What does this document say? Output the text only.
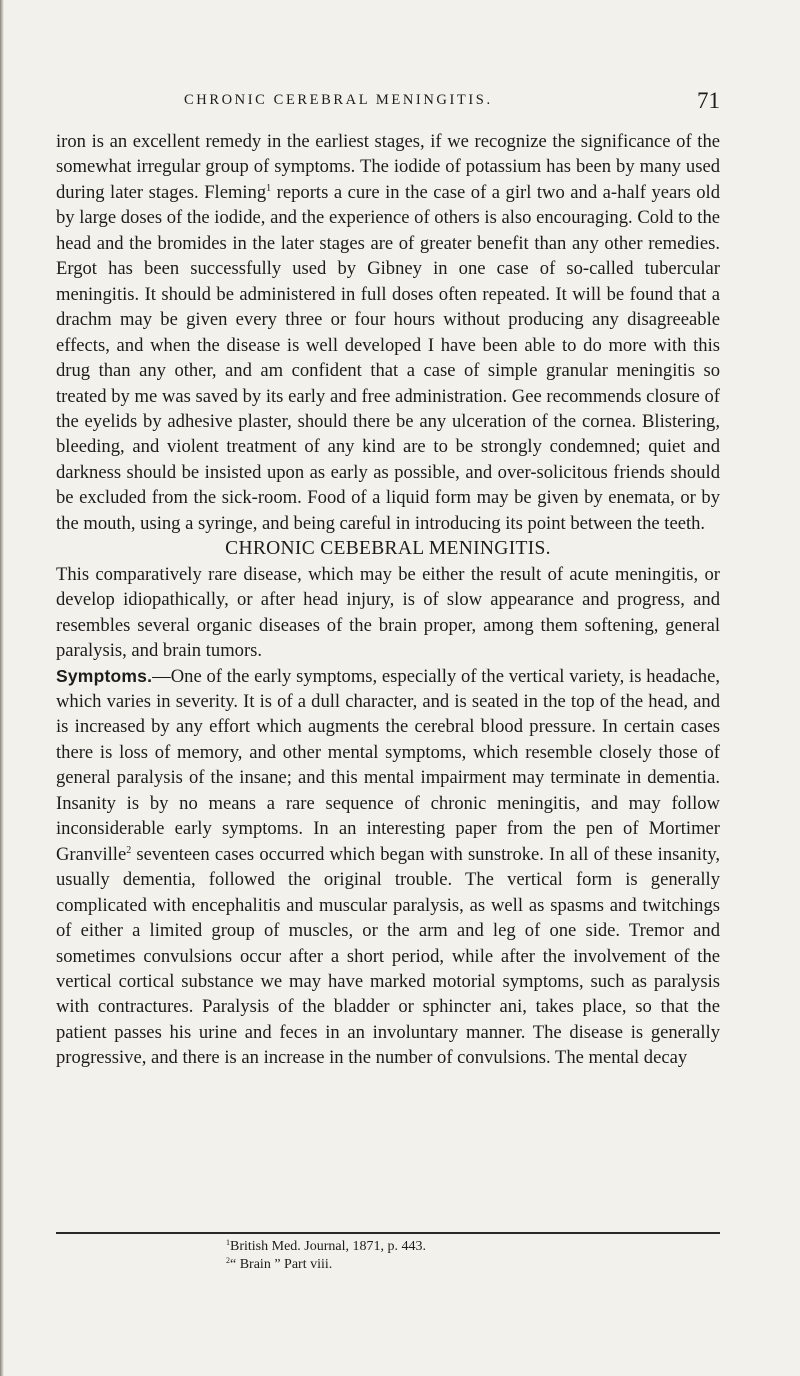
CHRONIC CEREBRAL MENINGITIS.	71

iron is an excellent remedy in the earliest stages, if we recognize the significance of the somewhat irregular group of symptoms. The iodide of potassium has been by many used during later stages. Fleming$^1$ reports a cure in the case of a girl two and a-half years old by large doses of the iodide, and the experience of others is also encouraging. Cold to the head and the bromides in the later stages are of greater benefit than any other remedies. Ergot has been successfully used by Gibney in one case of so-called tubercular meningitis. It should be administered in full doses often repeated. It will be found that a drachm may be given every three or four hours without producing any disagreeable effects, and when the disease is well developed I have been able to do more with this drug than any other, and am confident that a case of simple granular meningitis so treated by me was saved by its early and free administration. Gee recommends closure of the eyelids by adhesive plaster, should there be any ulceration of the cornea. Blistering, bleeding, and violent treatment of any kind are to be strongly condemned; quiet and darkness should be insisted upon as early as possible, and over-solicitous friends should be excluded from the sick-room. Food of a liquid form may be given by enemata, or by the mouth, using a syringe, and being careful in introducing its point between the teeth.

CHRONIC CEBEBRAL MENINGITIS.

This comparatively rare disease, which may be either the result of acute meningitis, or develop idiopathically, or after head injury, is of slow appearance and progress, and resembles several organic diseases of the brain proper, among them softening, general paralysis, and brain tumors.

Symptoms.—One of the early symptoms, especially of the vertical variety, is headache, which varies in severity. It is of a dull character, and is seated in the top of the head, and is increased by any effort which augments the cerebral blood pressure. In certain cases there is loss of memory, and other mental symptoms, which resemble closely those of general paralysis of the insane; and this mental impairment may terminate in dementia. Insanity is by no means a rare sequence of chronic meningitis, and may follow inconsiderable early symptoms. In an interesting paper from the pen of Mortimer Granville$^2$ seventeen cases occurred which began with sunstroke. In all of these insanity, usually dementia, followed the original trouble. The vertical form is generally complicated with encephalitis and muscular paralysis, as well as spasms and twitchings of either a limited group of muscles, or the arm and leg of one side. Tremor and sometimes convulsions occur after a short period, while after the involvement of the vertical cortical substance we may have marked motorial symptoms, such as paralysis with contractures. Paralysis of the bladder or sphincter ani, takes place, so that the patient passes his urine and feces in an involuntary manner. The disease is generally progressive, and there is an increase in the number of convulsions. The mental decay

$^1$British Med. Journal, 1871, p. 443.
$^2$“ Brain ” Part viii.
